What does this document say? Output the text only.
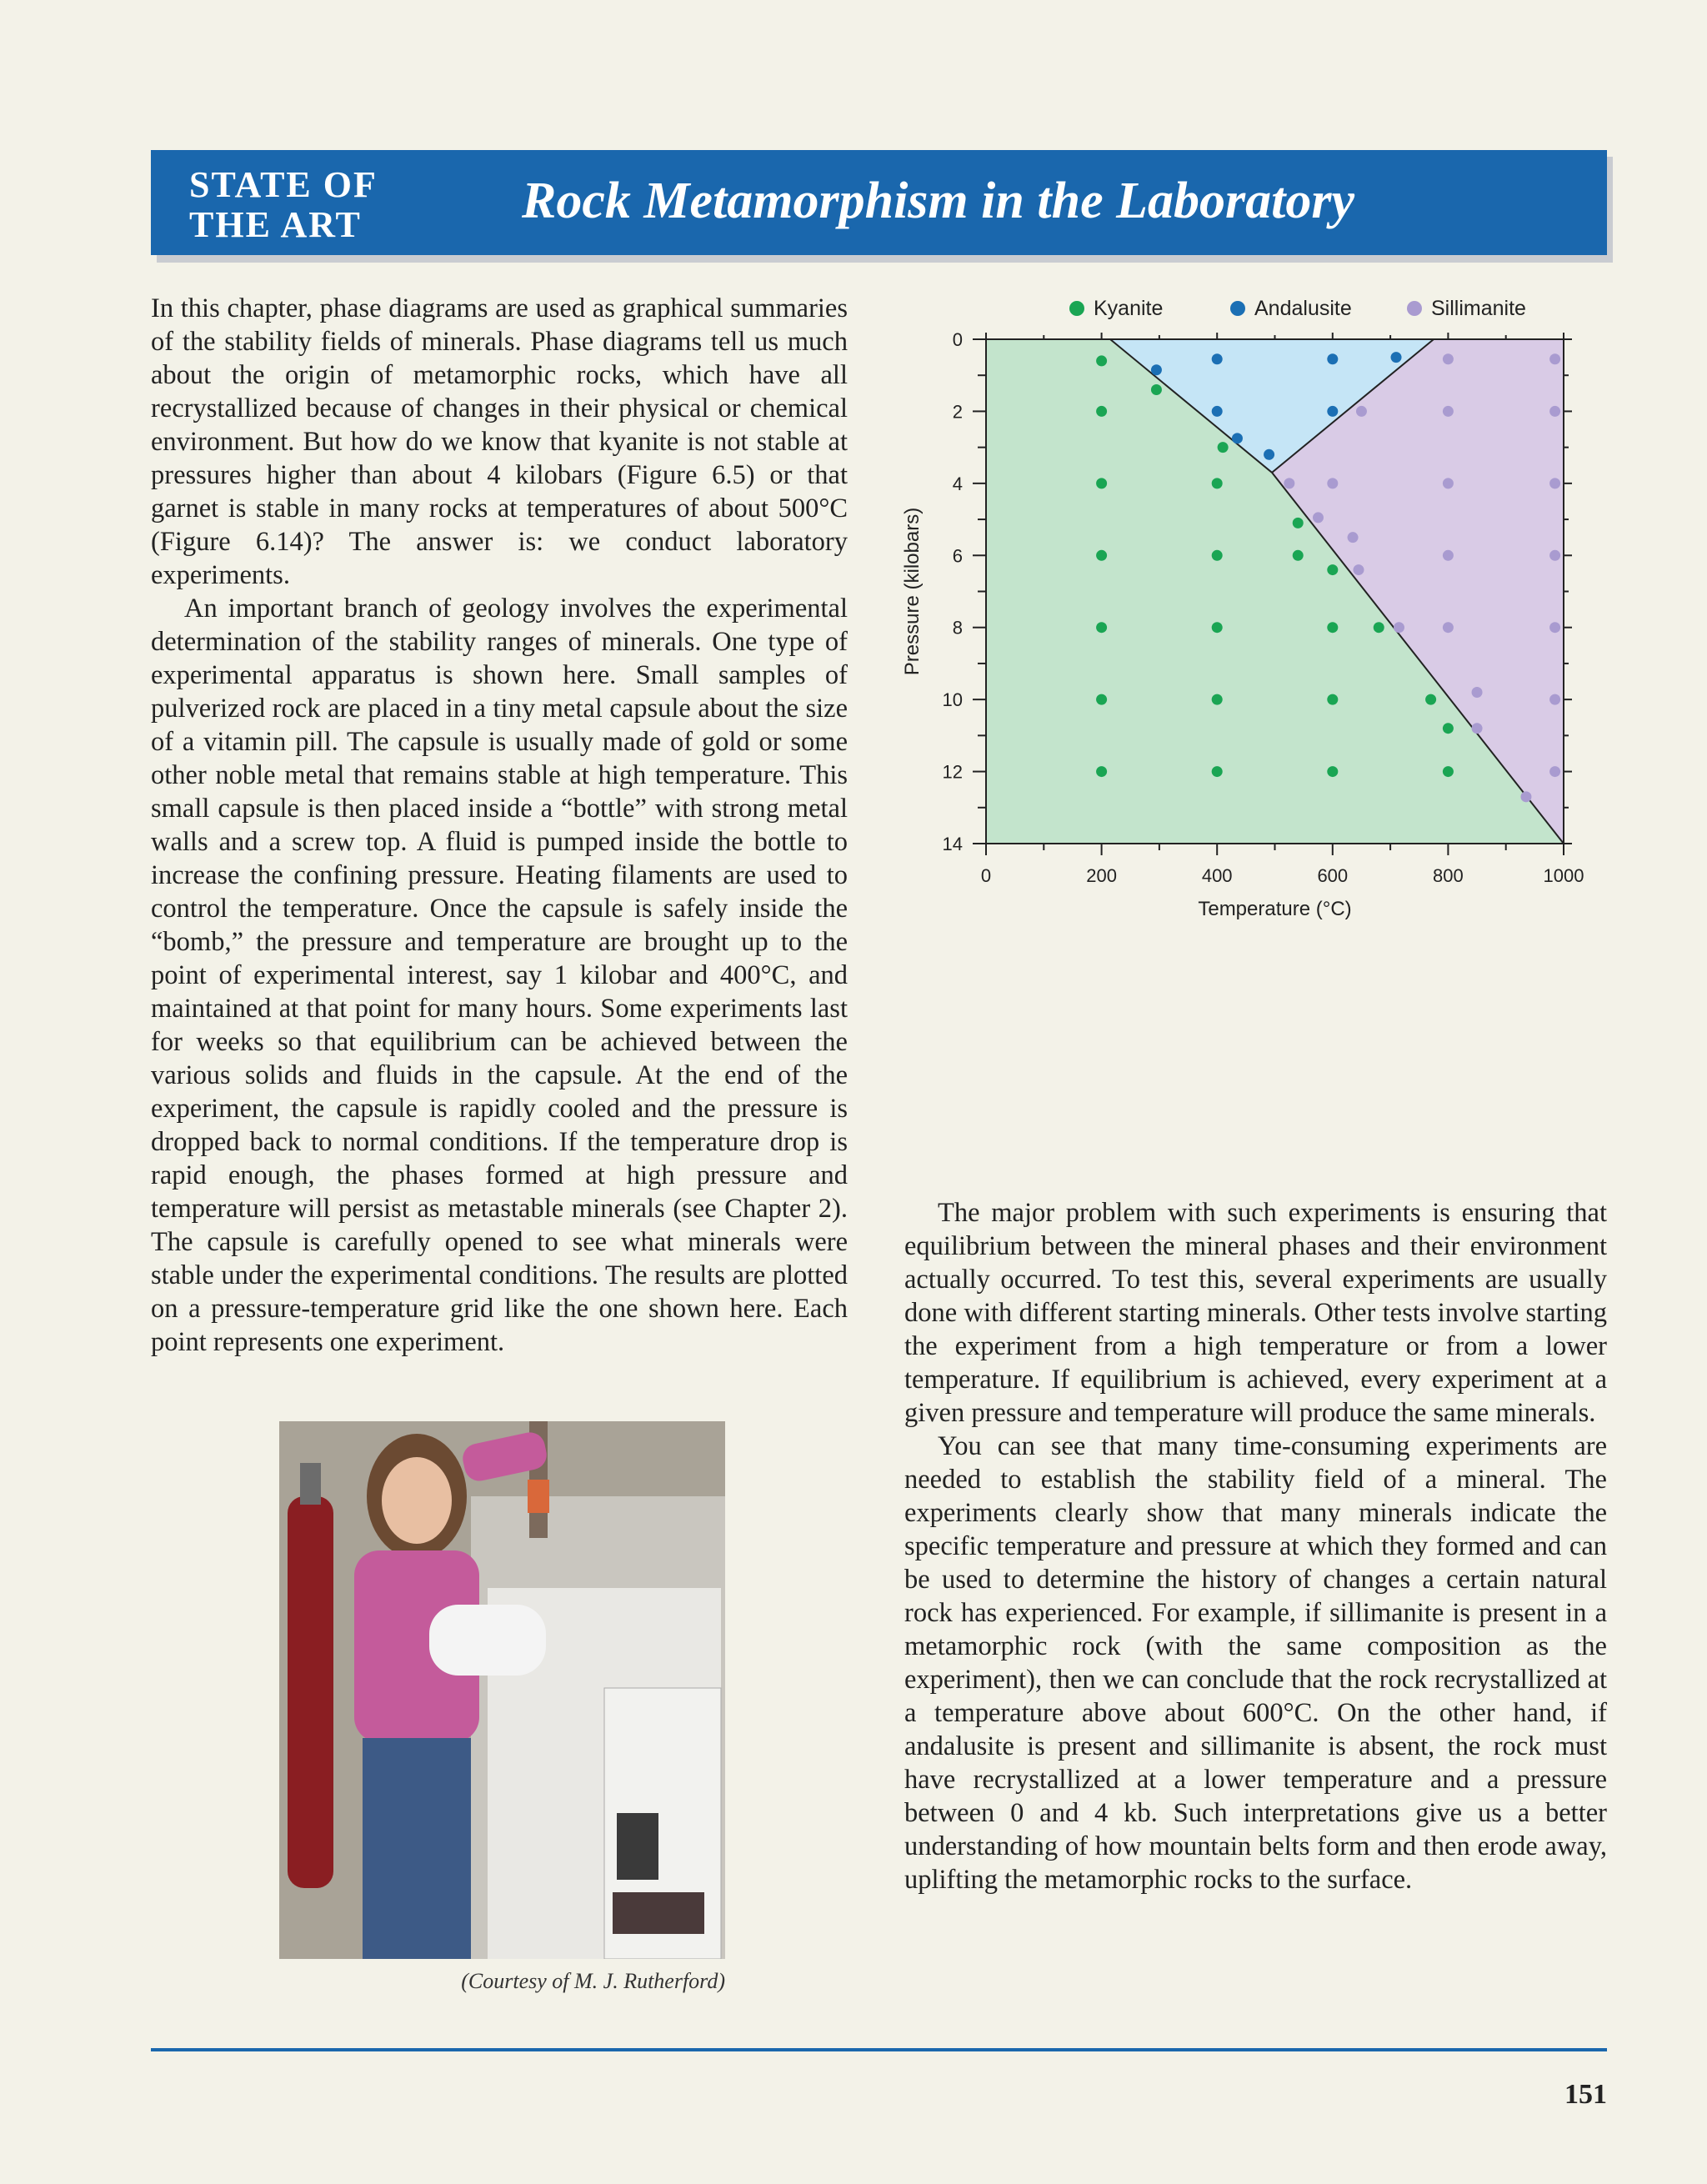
STATE OF
THE ART	Rock Metamorphism in the Laboratory

In this chapter, phase diagrams are used as graphical summaries of the stability fields of minerals. Phase diagrams tell us much about the origin of metamorphic rocks, which have all recrystallized because of changes in their physical or chemical environment. But how do we know that kyanite is not stable at pressures higher than about 4 kilobars (Figure 6.5) or that garnet is stable in many rocks at temperatures of about 500°C (Figure 6.14)? The answer is: we conduct laboratory experiments.

An important branch of geology involves the experimental determination of the stability ranges of minerals. One type of experimental apparatus is shown here. Small samples of pulverized rock are placed in a tiny metal capsule about the size of a vitamin pill. The capsule is usually made of gold or some other noble metal that remains stable at high temperature. This small capsule is then placed inside a “bottle” with strong metal walls and a screw top. A fluid is pumped inside the bottle to increase the confining pressure. Heating filaments are used to control the temperature. Once the capsule is safely inside the “bomb,” the pressure and temperature are brought up to the point of experimental interest, say 1 kilobar and 400°C, and maintained at that point for many hours. Some experiments last for weeks so that equilibrium can be achieved between the various solids and fluids in the capsule. At the end of the experiment, the capsule is rapidly cooled and the pressure is dropped back to normal conditions. If the temperature drop is rapid enough, the phases formed at high pressure and temperature will persist as metastable minerals (see Chapter 2). The capsule is carefully opened to see what minerals were stable under the experimental conditions. The results are plotted on a pressure-temperature grid like the one shown here. Each point represents one experiment.

0
2
4
6
8
10
12
14
0	200	400	600	800	1000
Kyanite	Andalusite	Sillimanite
Temperature (°C)
Pressure (kilobars)
(Courtesy of M. J. Rutherford)

The major problem with such experiments is ensuring that equilibrium between the mineral phases and their environment actually occurred. To test this, several experiments are usually done with different starting minerals. Other tests involve starting the experiment from a high temperature or from a lower temperature. If equilibrium is achieved, every experiment at a given pressure and temperature will produce the same minerals.

You can see that many time-consuming experiments are needed to establish the stability field of a mineral. The experiments clearly show that many minerals indicate the specific temperature and pressure at which they formed and can be used to determine the history of changes a certain natural rock has experienced. For example, if sillimanite is present in a metamorphic rock (with the same composition as the experiment), then we can conclude that the rock recrystallized at a temperature above about 600°C. On the other hand, if andalusite is present and sillimanite is absent, the rock must have recrystallized at a lower temperature and a pressure between 0 and 4 kb. Such interpretations give us a better understanding of how mountain belts form and then erode away, uplifting the metamorphic rocks to the surface.

151
